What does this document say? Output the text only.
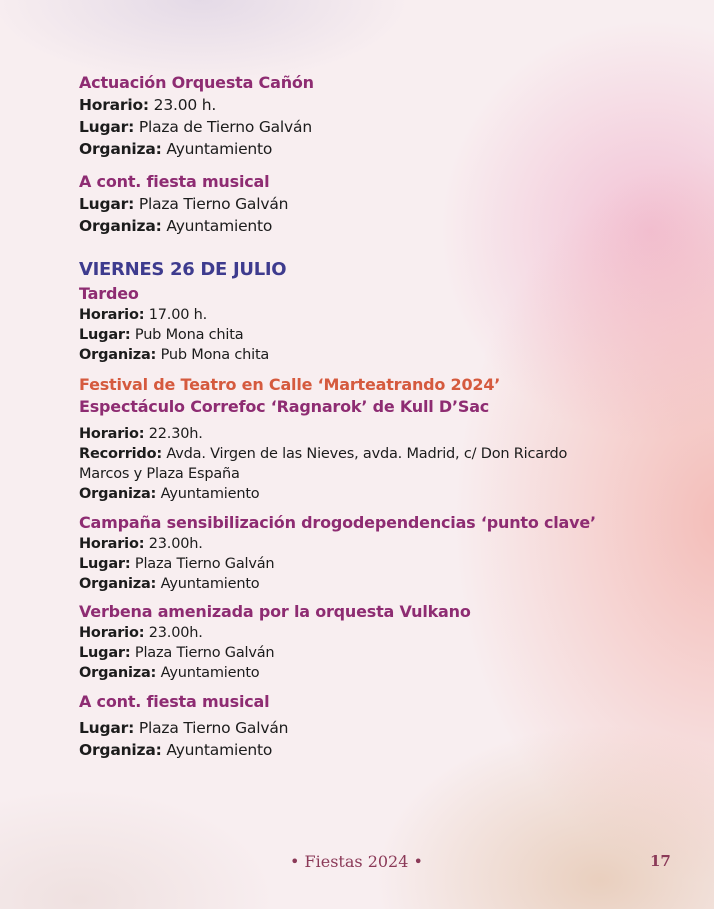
Actuación Orquesta Cañón
Horario: 23.00 h.
Lugar: Plaza de Tierno Galván
Organiza: Ayuntamiento
A cont. fiesta musical
Lugar: Plaza Tierno Galván
Organiza: Ayuntamiento
VIERNES 26 DE JULIO
Tardeo
Horario: 17.00 h.
Lugar: Pub Mona chita
Organiza: Pub Mona chita
Festival de Teatro en Calle ‘Marteatrando 2024’
Espectáculo Correfoc ‘Ragnarok’ de Kull D’Sac
Horario: 22.30h.
Recorrido: Avda. Virgen de las Nieves, avda. Madrid, c/ Don Ricardo Marcos y Plaza España
Organiza: Ayuntamiento
Campaña sensibilización drogodependencias ‘punto clave’
Horario: 23.00h.
Lugar: Plaza Tierno Galván
Organiza: Ayuntamiento
Verbena amenizada por la orquesta Vulkano
Horario: 23.00h.
Lugar: Plaza Tierno Galván
Organiza: Ayuntamiento
A cont. fiesta musical
Lugar: Plaza Tierno Galván
Organiza: Ayuntamiento
• Fiestas 2024 •	17
